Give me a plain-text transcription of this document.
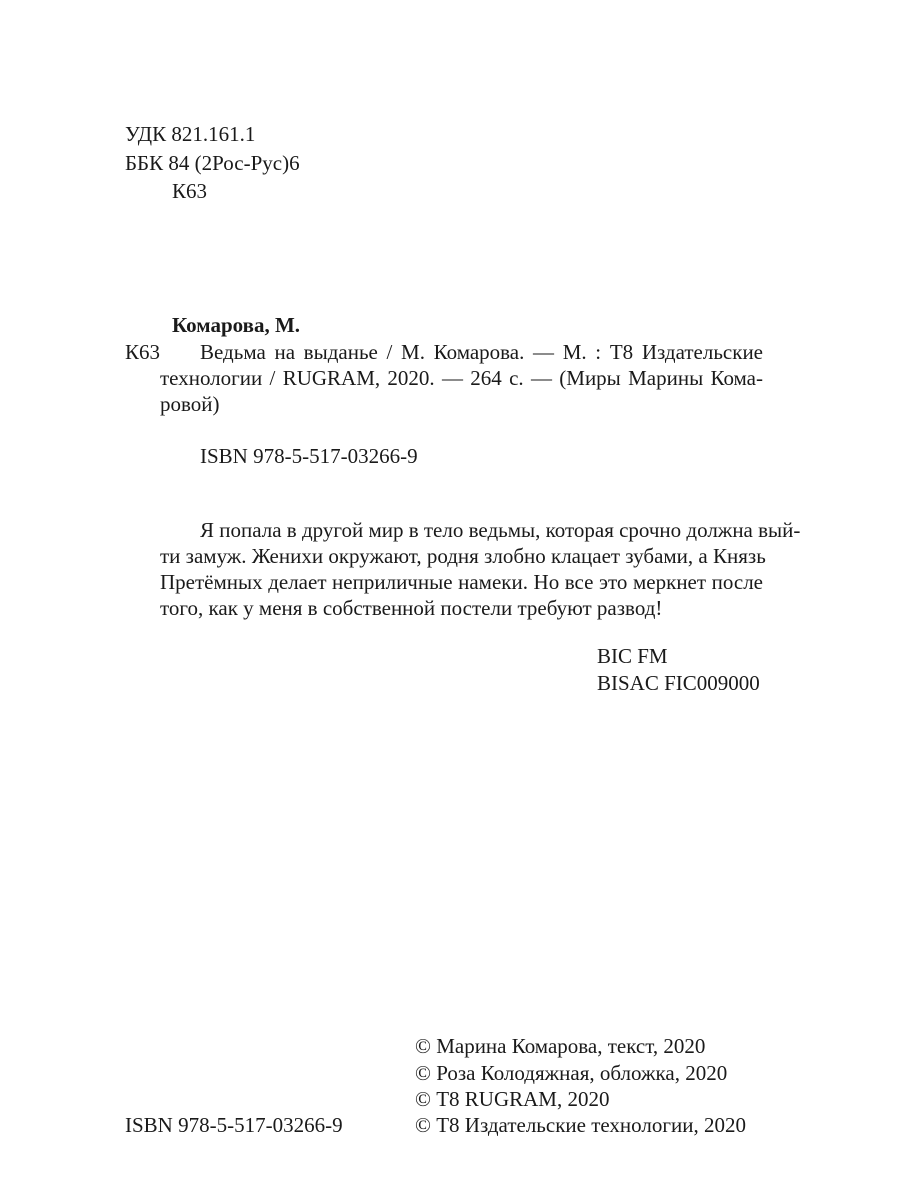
УДК 821.161.1
ББК 84 (2Рос-Рус)6
К63
Комарова, М.
К63 Ведьма на выданье / М. Комарова. — М. : Т8 Издательские
технологии / RUGRAM, 2020. — 264 с. — (Миры Марины Кома-
ровой)
ISBN 978-5-517-03266-9
Я попала в другой мир в тело ведьмы, которая срочно должна вый-
ти замуж. Женихи окружают, родня злобно клацает зубами, а Князь
Претёмных делает неприличные намеки. Но все это меркнет после
того, как у меня в собственной постели требуют развод!
BIC FM
BISAC FIC009000
© Марина Комарова, текст, 2020
© Роза Колодяжная, обложка, 2020
© Т8 RUGRAM, 2020
ISBN 978-5-517-03266-9	© Т8 Издательские технологии, 2020
